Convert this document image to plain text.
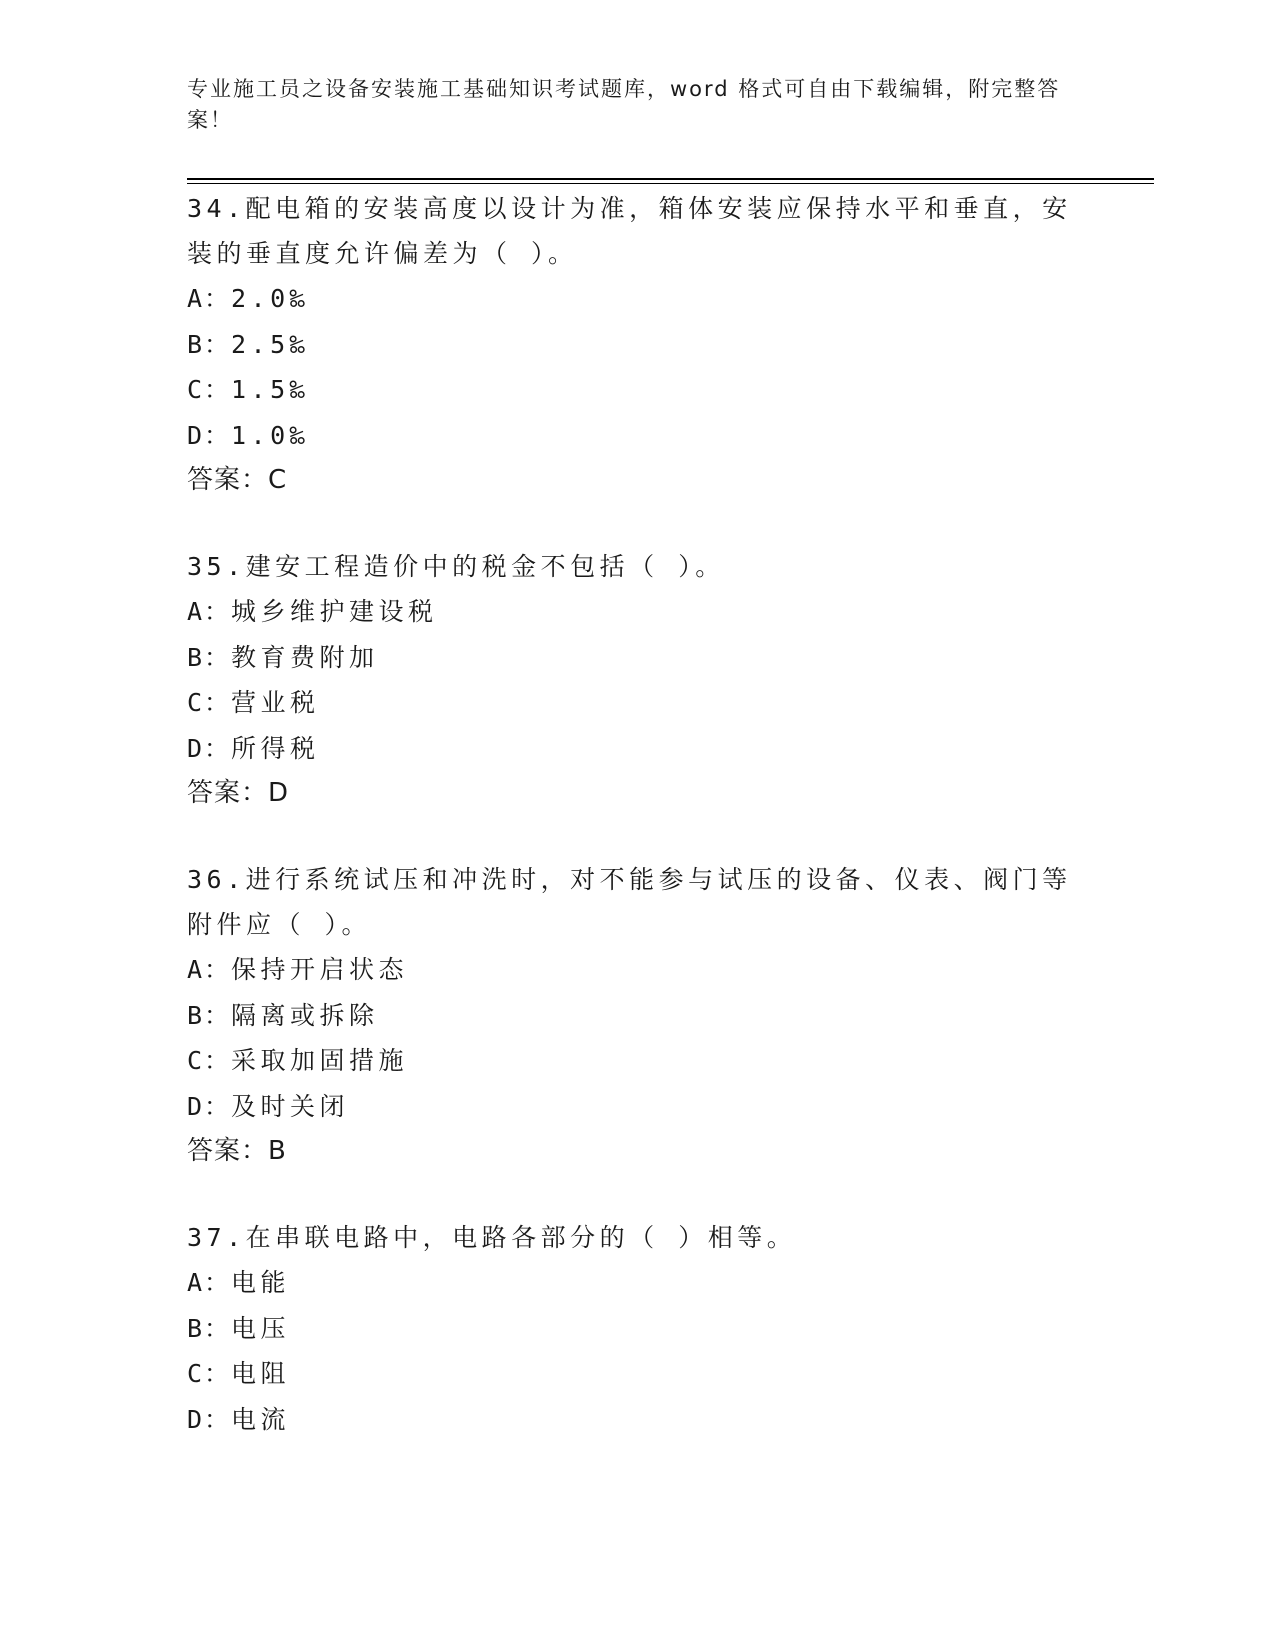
专业施工员之设备安装施工基础知识考试题库，word 格式可自由下载编辑，附完整答案！
34.配电箱的安装高度以设计为准，箱体安装应保持水平和垂直，安装的垂直度允许偏差为（ ）。
A：2.0‰
B：2.5‰
C：1.5‰
D：1.0‰
答案：C
35.建安工程造价中的税金不包括（ ）。
A：城乡维护建设税
B：教育费附加
C：营业税
D：所得税
答案：D
36.进行系统试压和冲洗时，对不能参与试压的设备、仪表、阀门等附件应（ ）。
A：保持开启状态
B：隔离或拆除
C：采取加固措施
D：及时关闭
答案：B
37.在串联电路中，电路各部分的（ ）相等。
A：电能
B：电压
C：电阻
D：电流
